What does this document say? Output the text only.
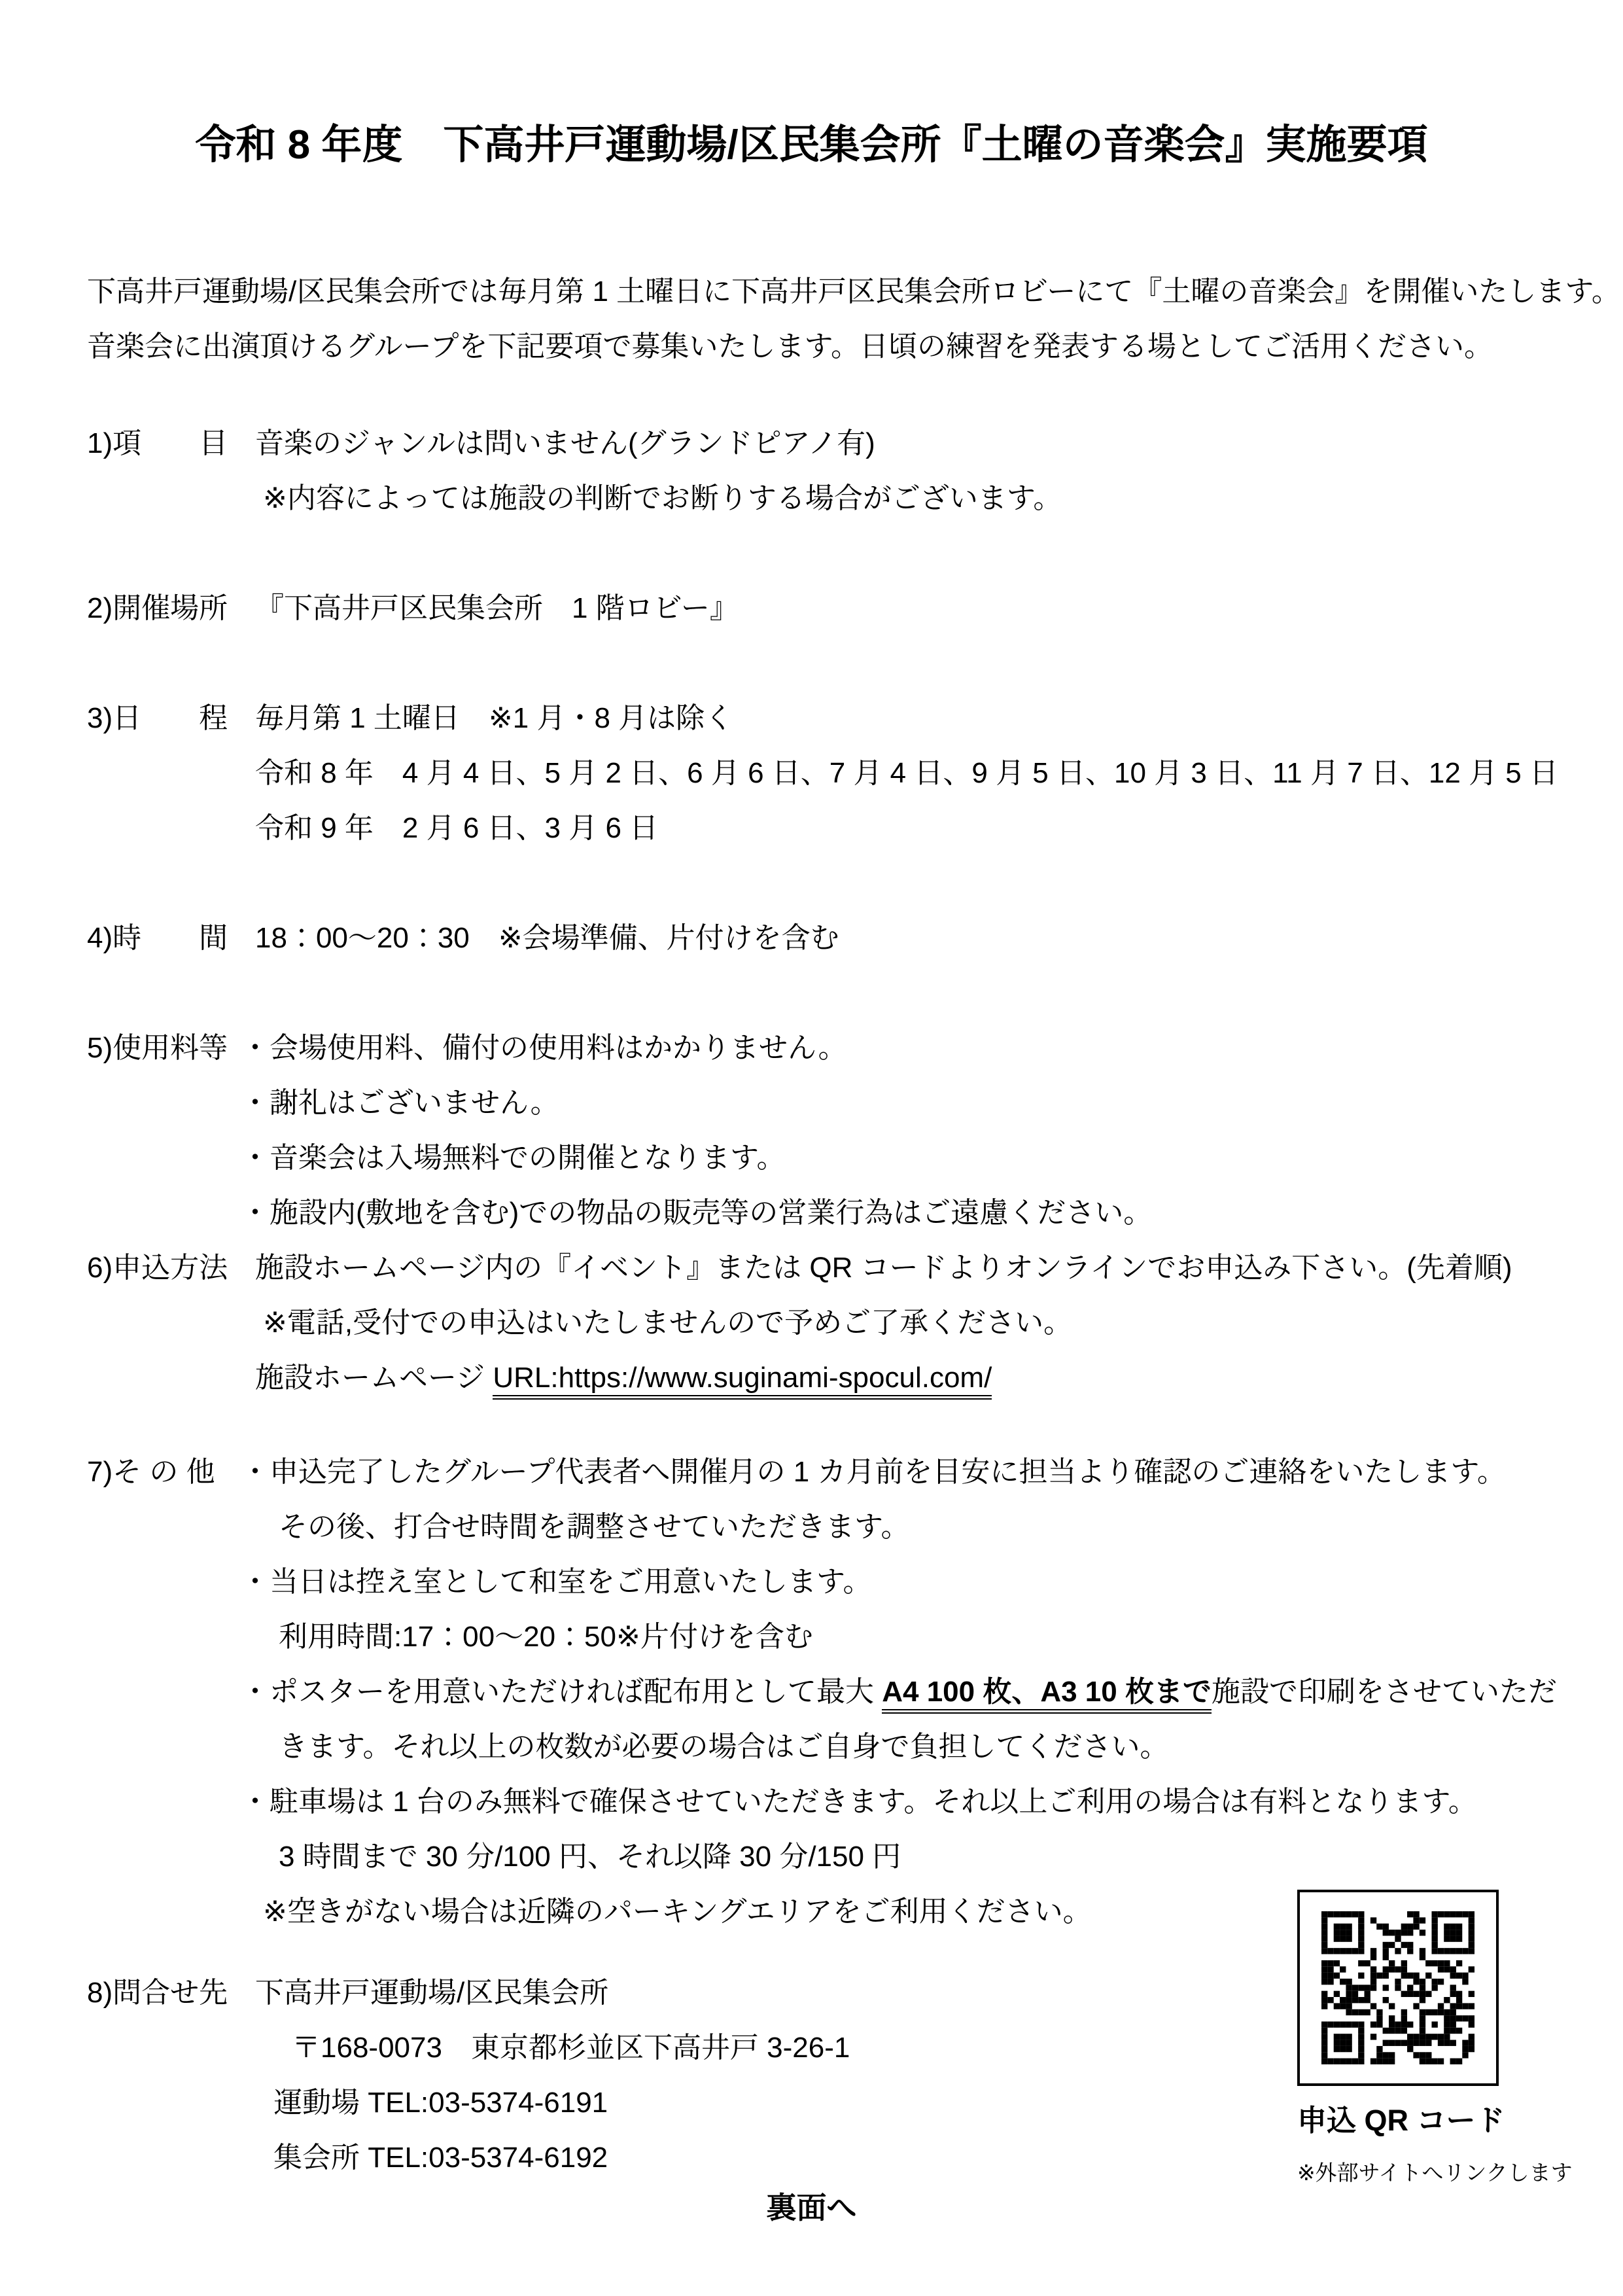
令和 8 年度　下高井戸運動場/区民集会所『土曜の音楽会』実施要項
下高井戸運動場/区民集会所では毎月第 1 土曜日に下高井戸区民集会所ロビーにて『土曜の音楽会』を開催いたします。
音楽会に出演頂けるグループを下記要項で募集いたします。日頃の練習を発表する場としてご活用ください。
1)項　　目 音楽のジャンルは問いません(グランドピアノ有)
※内容によっては施設の判断でお断りする場合がございます。
2)開催場所 『下高井戸区民集会所　1 階ロビー』
3)日　　程 毎月第 1 土曜日　※1 月・8 月は除く
令和 8 年　4 月 4 日、5 月 2 日、6 月 6 日、7 月 4 日、9 月 5 日、10 月 3 日、11 月 7 日、12 月 5 日
令和 9 年　2 月 6 日、3 月 6 日
4)時　　間 18：00～20：30　※会場準備、片付けを含む
5)使用料等 ・会場使用料、備付の使用料はかかりません。
・謝礼はございません。
・音楽会は入場無料での開催となります。
・施設内(敷地を含む)での物品の販売等の営業行為はご遠慮ください。
6)申込方法 施設ホームページ内の『イベント』または QR コードよりオンラインでお申込み下さい。(先着順)
※電話,受付での申込はいたしませんので予めご了承ください。
施設ホームページ URL:https://www.suginami-spocul.com/
7)そ の 他 ・申込完了したグループ代表者へ開催月の 1 カ月前を目安に担当より確認のご連絡をいたします。
その後、打合せ時間を調整させていただきます。
・当日は控え室として和室をご用意いたします。
利用時間:17：00～20：50※片付けを含む
・ポスターを用意いただければ配布用として最大 A4 100 枚、A3 10 枚まで施設で印刷をさせていただ
きます。それ以上の枚数が必要の場合はご自身で負担してください。
・駐車場は 1 台のみ無料で確保させていただきます。それ以上ご利用の場合は有料となります。
3 時間まで 30 分/100 円、それ以降 30 分/150 円
※空きがない場合は近隣のパーキングエリアをご利用ください。
8)問合せ先 下高井戸運動場/区民集会所
〒168-0073　東京都杉並区下高井戸 3-26-1
運動場 TEL:03-5374-6191
集会所 TEL:03-5374-6192
申込 QR コード
※外部サイトへリンクします
裏面へ
